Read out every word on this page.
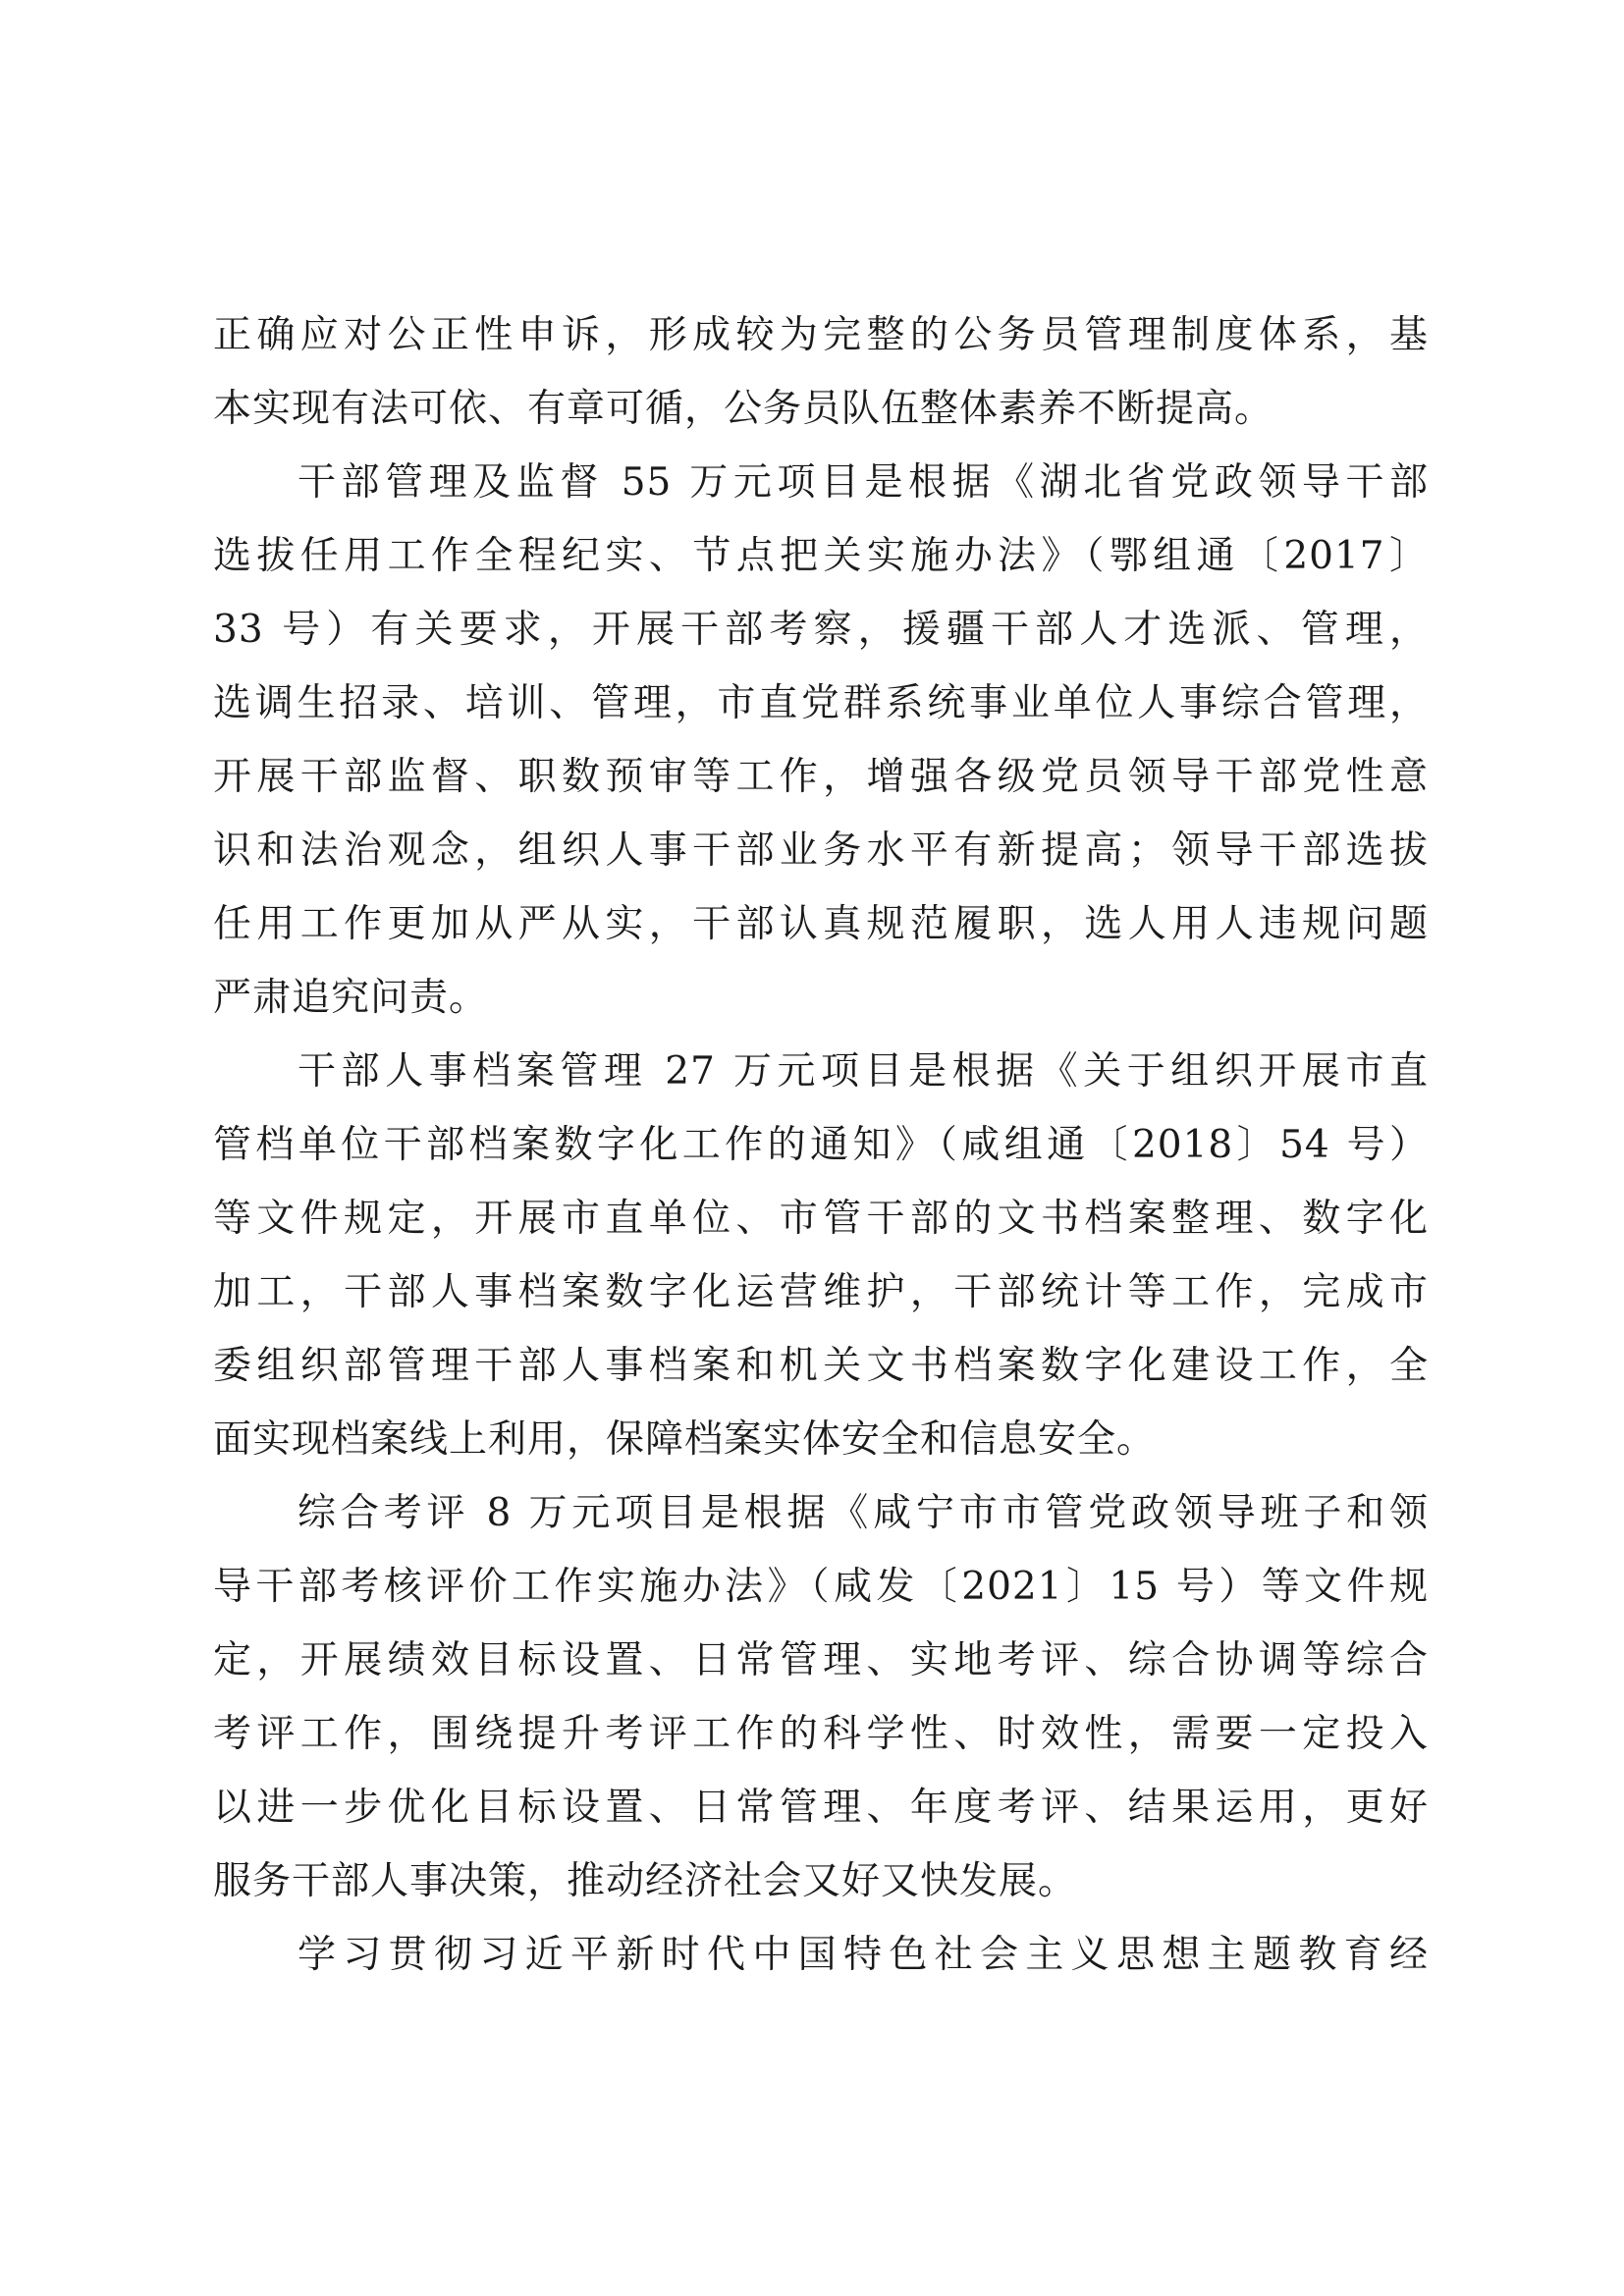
正确应对公正性申诉，形成较为完整的公务员管理制度体系，基
本实现有法可依、有章可循，公务员队伍整体素养不断提高。
干部管理及监督 55 万元项目是根据《湖北省党政领导干部
选拔任用工作全程纪实、节点把关实施办法》（鄂组通〔2017〕
33 号）有关要求，开展干部考察，援疆干部人才选派、管理，
选调生招录、培训、管理，市直党群系统事业单位人事综合管理，
开展干部监督、职数预审等工作，增强各级党员领导干部党性意
识和法治观念，组织人事干部业务水平有新提高；领导干部选拔
任用工作更加从严从实，干部认真规范履职，选人用人违规问题
严肃追究问责。
干部人事档案管理 27 万元项目是根据《关于组织开展市直
管档单位干部档案数字化工作的通知》（咸组通〔2018〕54 号）
等文件规定，开展市直单位、市管干部的文书档案整理、数字化
加工，干部人事档案数字化运营维护，干部统计等工作，完成市
委组织部管理干部人事档案和机关文书档案数字化建设工作，全
面实现档案线上利用，保障档案实体安全和信息安全。
综合考评 8 万元项目是根据《咸宁市市管党政领导班子和领
导干部考核评价工作实施办法》（咸发〔2021〕15 号）等文件规
定，开展绩效目标设置、日常管理、实地考评、综合协调等综合
考评工作，围绕提升考评工作的科学性、时效性，需要一定投入
以进一步优化目标设置、日常管理、年度考评、结果运用，更好
服务干部人事决策，推动经济社会又好又快发展。
学习贯彻习近平新时代中国特色社会主义思想主题教育经
